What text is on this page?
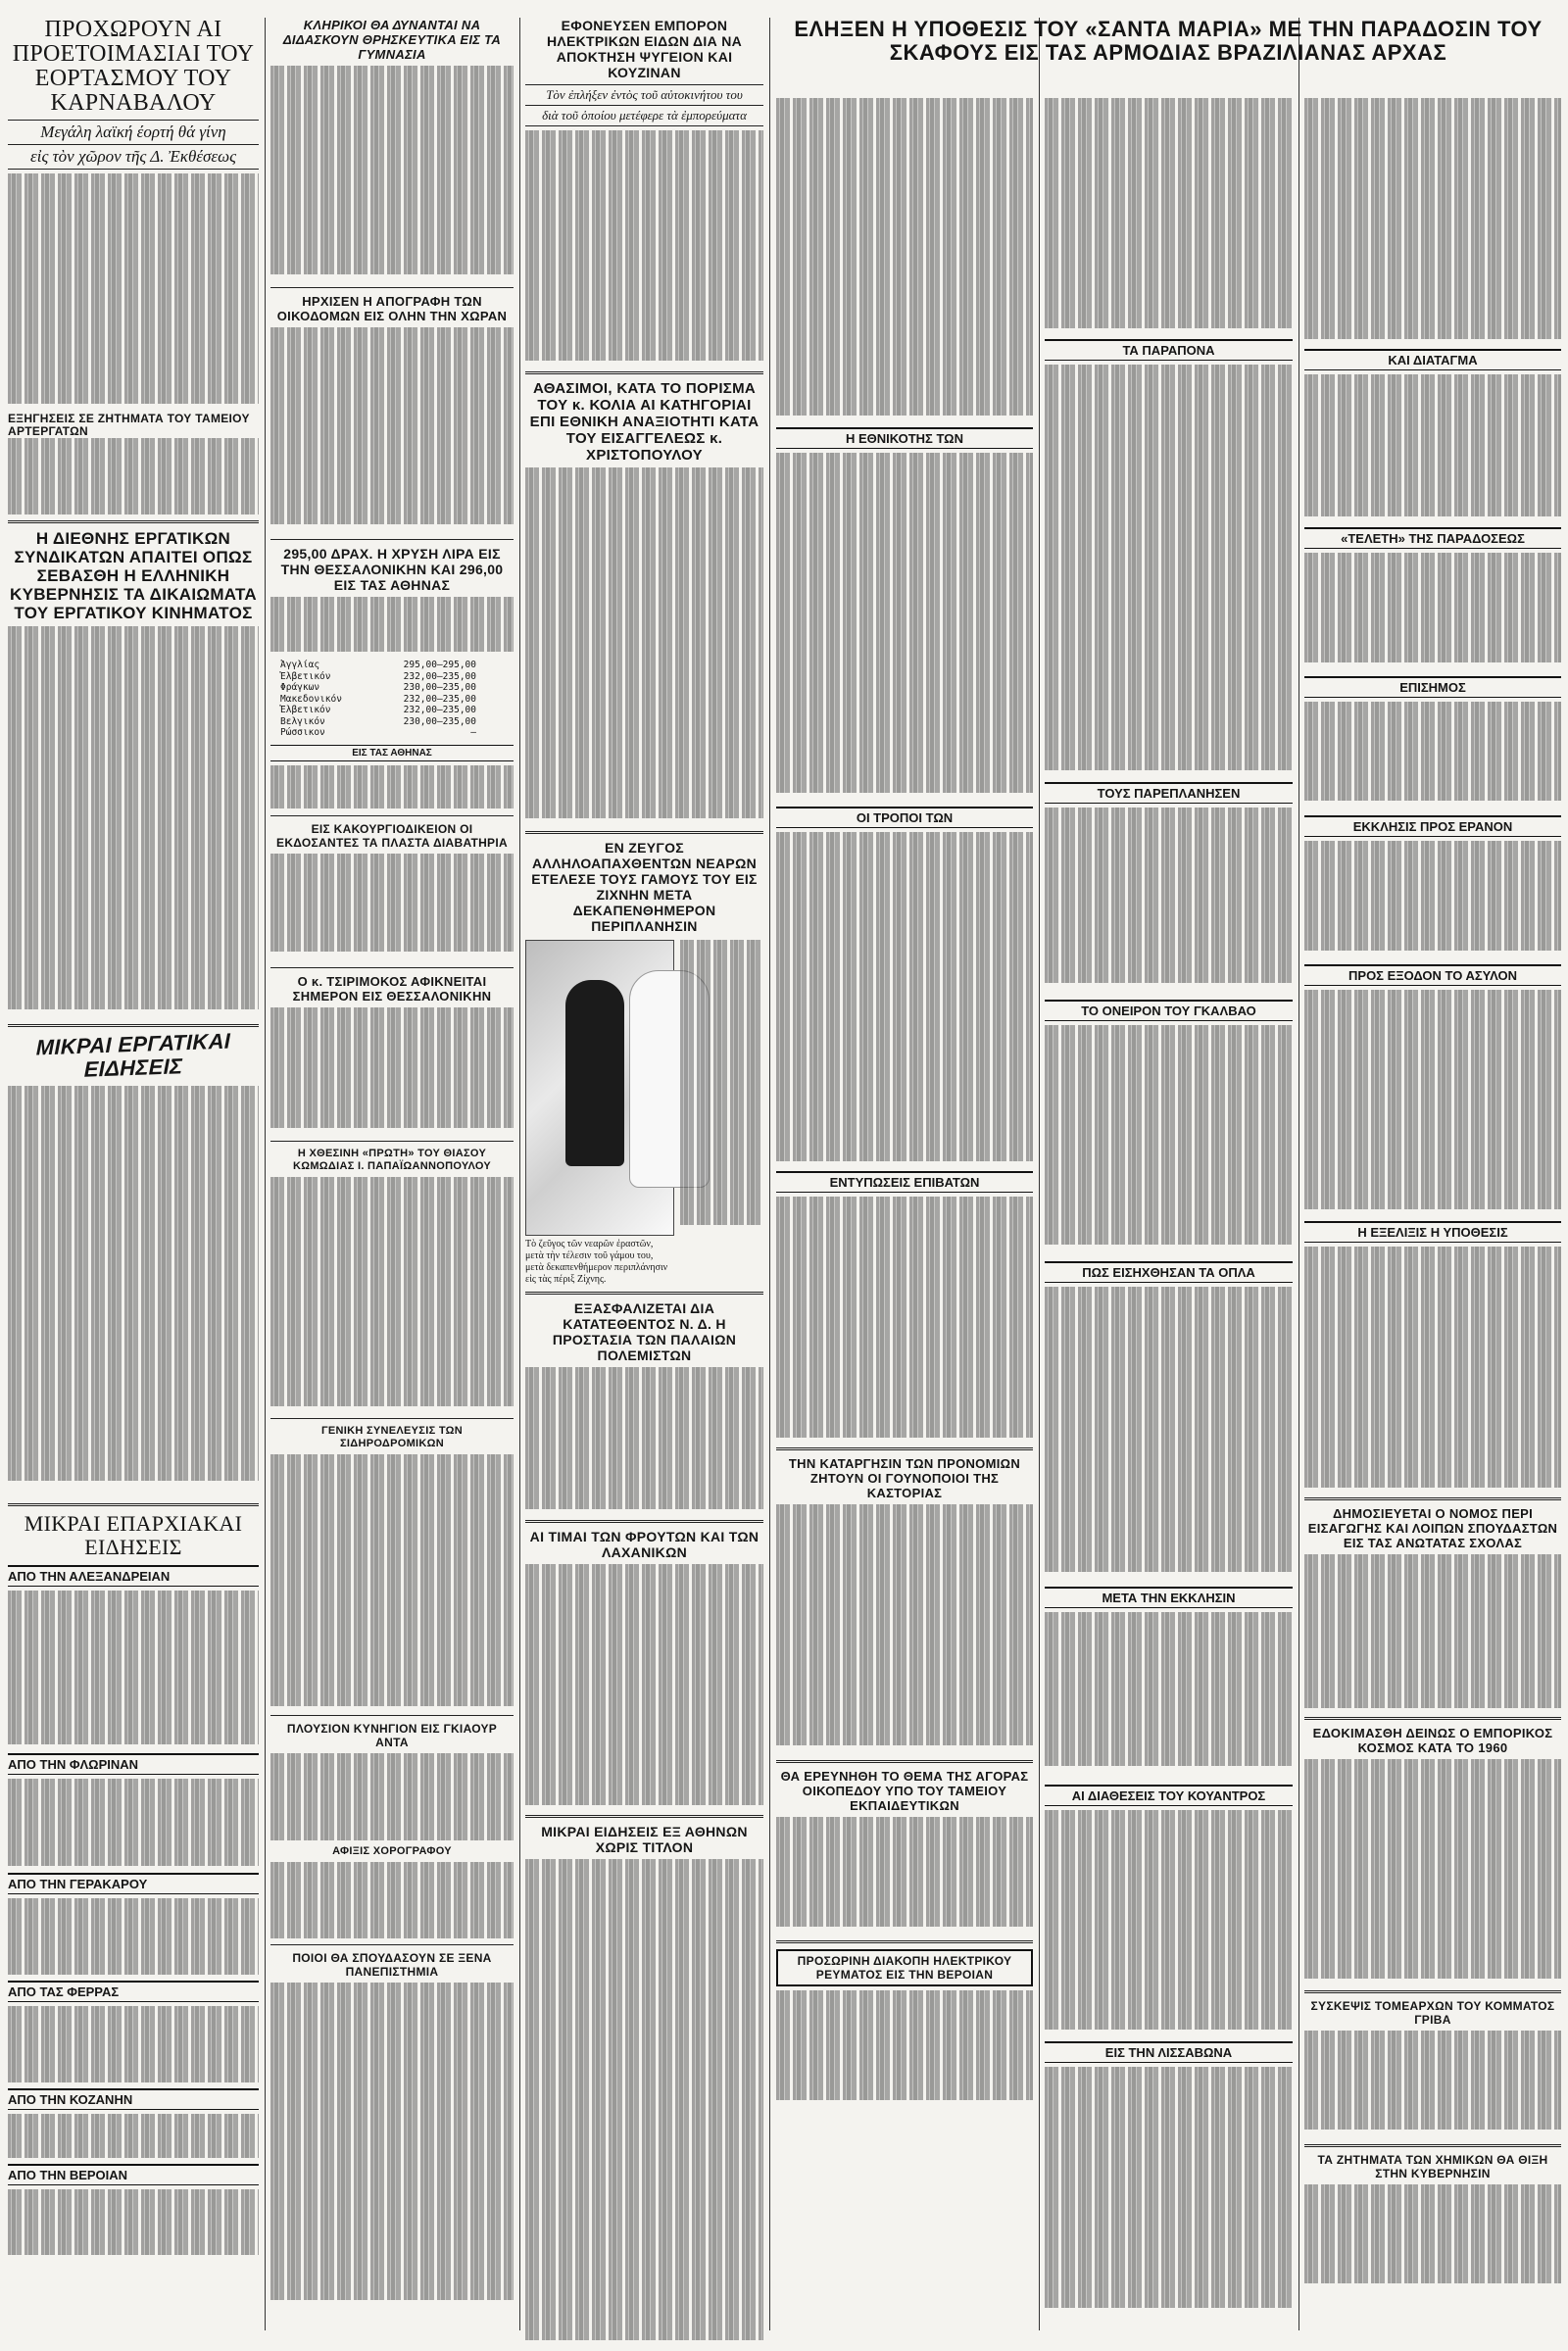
ΠΡΟΧΩΡΟΥΝ ΑΙ ΠΡΟΕΤΟΙΜΑΣΙΑΙ ΤΟΥ ΕΟΡΤΑΣΜΟΥ ΤΟΥ ΚΑΡΝΑΒΑΛΟΥ
Μεγάλη λαϊκή έορτή θά γίνη
εἰς τὸν χῶρον τῆς Δ. Ἐκθέσεως
ΕΞΗΓΗΣΕΙΣ ΣΕ ΖΗΤΗΜΑΤΑ ΤΟΥ ΤΑΜΕΙΟΥ ΑΡΤΕΡΓΑΤΩΝ
Η ΔΙΕΘΝΗΣ ΕΡΓΑΤΙΚΩΝ ΣΥΝΔΙΚΑΤΩΝ ΑΠΑΙΤΕΙ ΟΠΩΣ ΣΕΒΑΣΘΗ Η ΕΛΛΗΝΙΚΗ ΚΥΒΕΡΝΗΣΙΣ ΤΑ ΔΙΚΑΙΩΜΑΤΑ ΤΟΥ ΕΡΓΑΤΙΚΟΥ ΚΙΝΗΜΑΤΟΣ
ΜΙΚΡΑΙ ΕΡΓΑΤΙΚΑΙ ΕΙΔΗΣΕΙΣ
ΜΙΚΡΑΙ ΕΠΑΡΧΙΑΚΑΙ ΕΙΔΗΣΕΙΣ
ΑΠΟ ΤΗΝ ΑΛΕΞΑΝΔΡΕΙΑΝ
ΑΠΟ ΤΗΝ ΦΛΩΡΙΝΑΝ
ΑΠΟ ΤΗΝ ΓΕΡΑΚΑΡΟΥ
ΑΠΟ ΤΑΣ ΦΕΡΡΑΣ
ΑΠΟ ΤΗΝ ΚΟΖΑΝΗΝ
ΑΠΟ ΤΗΝ ΒΕΡΟΙΑΝ
ΚΛΗΡΙΚΟΙ ΘΑ ΔΥΝΑΝΤΑΙ ΝΑ ΔΙΔΑΣΚΟΥΝ ΘΡΗΣΚΕΥΤΙΚΑ ΕΙΣ ΤΑ ΓΥΜΝΑΣΙΑ
ΗΡΧΙΣΕΝ Η ΑΠΟΓΡΑΦΗ ΤΩΝ ΟΙΚΟΔΟΜΩΝ ΕΙΣ ΟΛΗΝ ΤΗΝ ΧΩΡΑΝ
295,00 ΔΡΑΧ. Η ΧΡΥΣΗ ΛΙΡΑ ΕΙΣ ΤΗΝ ΘΕΣΣΑΛΟΝΙΚΗΝ ΚΑΙ 296,00 ΕΙΣ ΤΑΣ ΑΘΗΝΑΣ
Ἀγγλίας	295,00—295,00
Ἐλβετικόν	232,00—235,00
Φράγκων	230,00—235,00
Μακεδονικόν	232,00—235,00
Ἐλβετικόν	232,00—235,00
Βελγικόν	230,00—235,00
Ρώσσικον	—
ΕΙΣ ΤΑΣ ΑΘΗΝΑΣ
ΕΙΣ ΚΑΚΟΥΡΓΙΟΔΙΚΕΙΟΝ ΟΙ ΕΚΔΟΣΑΝΤΕΣ ΤΑ ΠΛΑΣΤΑ ΔΙΑΒΑΤΗΡΙΑ
Ο κ. ΤΣΙΡΙΜΟΚΟΣ ΑΦΙΚΝΕΙΤΑΙ ΣΗΜΕΡΟΝ ΕΙΣ ΘΕΣΣΑΛΟΝΙΚΗΝ
Η ΧΘΕΣΙΝΗ «ΠΡΩΤΗ» ΤΟΥ ΘΙΑΣΟΥ ΚΩΜΩΔΙΑΣ Ι. ΠΑΠΑΪΩΑΝΝΟΠΟΥΛΟΥ
ΓΕΝΙΚΗ ΣΥΝΕΛΕΥΣΙΣ ΤΩΝ ΣΙΔΗΡΟΔΡΟΜΙΚΩΝ
ΠΛΟΥΣΙΟΝ ΚΥΝΗΓΙΟΝ ΕΙΣ ΓΚΙΑΟΥΡ ΑΝΤΑ
ΑΦΙΞΙΣ ΧΟΡΟΓΡΑΦΟΥ
ΠΟΙΟΙ ΘΑ ΣΠΟΥΔΑΣΟΥΝ ΣΕ ΞΕΝΑ ΠΑΝΕΠΙΣΤΗΜΙΑ
ΕΦΟΝΕΥΣΕΝ ΕΜΠΟΡΟΝ ΗΛΕΚΤΡΙΚΩΝ ΕΙΔΩΝ ΔΙΑ ΝΑ ΑΠΟΚΤΗΣΗ ΨΥΓΕΙΟΝ ΚΑΙ ΚΟΥΖΙΝΑΝ
Τὸν ἐπλήξεν ἐντὸς τοῦ αὐτοκινήτου του
διὰ τοῦ ὁποίου μετέφερε τὰ ἐμπορεύματα
ΑΘΑΣΙΜΟΙ, ΚΑΤΑ ΤΟ ΠΟΡΙΣΜΑ ΤΟΥ κ. ΚΟΛΙΑ ΑΙ ΚΑΤΗΓΟΡΙΑΙ ΕΠΙ ΕΘΝΙΚΗ ΑΝΑΞΙΟΤΗΤΙ ΚΑΤΑ ΤΟΥ ΕΙΣΑΓΓΕΛΕΩΣ κ. ΧΡΙΣΤΟΠΟΥΛΟΥ
ΕΝ ΖΕΥΓΟΣ ΑΛΛΗΛΟΑΠΑΧΘΕΝΤΩΝ ΝΕΑΡΩΝ ΕΤΕΛΕΣΕ ΤΟΥΣ ΓΑΜΟΥΣ ΤΟΥ ΕΙΣ ΖΙΧΝΗΝ ΜΕΤΑ ΔΕΚΑΠΕΝΘΗΜΕΡΟΝ ΠΕΡΙΠΛΑΝΗΣΙΝ
Τὸ ζεῦγος τῶν νεαρῶν ἐραστῶν, μετὰ τὴν τέλεσιν τοῦ γάμου του, μετὰ δεκαπενθήμερον περιπλάνησιν εἰς τὰς πέριξ Ζίχνης.
ΕΞΑΣΦΑΛΙΖΕΤΑΙ ΔΙΑ ΚΑΤΑΤΕΘΕΝΤΟΣ Ν. Δ. Η ΠΡΟΣΤΑΣΙΑ ΤΩΝ ΠΑΛΑΙΩΝ ΠΟΛΕΜΙΣΤΩΝ
ΑΙ ΤΙΜΑΙ ΤΩΝ ΦΡΟΥΤΩΝ ΚΑΙ ΤΩΝ ΛΑΧΑΝΙΚΩΝ
ΜΙΚΡΑΙ ΕΙΔΗΣΕΙΣ ΕΞ ΑΘΗΝΩΝ ΧΩΡΙΣ ΤΙΤΛΟΝ
ΕΛΗΞΕΝ Η ΥΠΟΘΕΣΙΣ ΤΟΥ «ΣΑΝΤΑ ΜΑΡΙΑ» ΜΕ ΤΗΝ ΠΑΡΑΔΟΣΙΝ ΤΟΥ ΣΚΑΦΟΥΣ ΕΙΣ ΤΑΣ ΑΡΜΟΔΙΑΣ ΒΡΑΖΙΛΙΑΝΑΣ ΑΡΧΑΣ
Η ΕΘΝΙΚΟΤΗΣ ΤΩΝ
ΟΙ ΤΡΟΠΟΙ ΤΩΝ
ΕΝΤΥΠΩΣΕΙΣ ΕΠΙΒΑΤΩΝ
ΤΗΝ ΚΑΤΑΡΓΗΣΙΝ ΤΩΝ ΠΡΟΝΟΜΙΩΝ ΖΗΤΟΥΝ ΟΙ ΓΟΥΝΟΠΟΙΟΙ ΤΗΣ ΚΑΣΤΟΡΙΑΣ
ΘΑ ΕΡΕΥΝΗΘΗ ΤΟ ΘΕΜΑ ΤΗΣ ΑΓΟΡΑΣ ΟΙΚΟΠΕΔΟΥ ΥΠΟ ΤΟΥ ΤΑΜΕΙΟΥ ΕΚΠΑΙΔΕΥΤΙΚΩΝ
ΠΡΟΣΩΡΙΝΗ ΔΙΑΚΟΠΗ ΗΛΕΚΤΡΙΚΟΥ ΡΕΥΜΑΤΟΣ ΕΙΣ ΤΗΝ ΒΕΡΟΙΑΝ
ΤΑ ΠΑΡΑΠΟΝΑ
ΤΟΥΣ ΠΑΡΕΠΛΑΝΗΣΕΝ
ΤΟ ΟΝΕΙΡΟΝ ΤΟΥ ΓΚΑΛΒΑΟ
ΠΩΣ ΕΙΣΗΧΘΗΣΑΝ ΤΑ ΟΠΛΑ
ΜΕΤΑ ΤΗΝ ΕΚΚΛΗΣΙΝ
ΑΙ ΔΙΑΘΕΣΕΙΣ ΤΟΥ ΚΟΥΑΝΤΡΟΣ
ΕΙΣ ΤΗΝ ΛΙΣΣΑΒΩΝΑ
ΚΑΙ ΔΙΑΤΑΓΜΑ
«ΤΕΛΕΤΗ» ΤΗΣ ΠΑΡΑΔΟΣΕΩΣ
ΕΠΙΣΗΜΟΣ
ΕΚΚΛΗΣΙΣ ΠΡΟΣ ΕΡΑΝΟΝ
ΠΡΟΣ ΕΞΟΔΟΝ ΤΟ ΑΣΥΛΟΝ
Η ΕΞΕΛΙΞΙΣ Η ΥΠΟΘΕΣΙΣ
ΔΗΜΟΣΙΕΥΕΤΑΙ Ο ΝΟΜΟΣ ΠΕΡΙ ΕΙΣΑΓΩΓΗΣ ΚΑΙ ΛΟΙΠΩΝ ΣΠΟΥΔΑΣΤΩΝ ΕΙΣ ΤΑΣ ΑΝΩΤΑΤΑΣ ΣΧΟΛΑΣ
ΕΔΟΚΙΜΑΣΘΗ ΔΕΙΝΩΣ Ο ΕΜΠΟΡΙΚΟΣ ΚΟΣΜΟΣ ΚΑΤΑ ΤΟ 1960
ΣΥΣΚΕΨΙΣ ΤΟΜΕΑΡΧΩΝ ΤΟΥ ΚΟΜΜΑΤΟΣ ΓΡΙΒΑ
ΤΑ ΖΗΤΗΜΑΤΑ ΤΩΝ ΧΗΜΙΚΩΝ ΘΑ ΘΙΞΗ ΣΤΗΝ ΚΥΒΕΡΝΗΣΙΝ
